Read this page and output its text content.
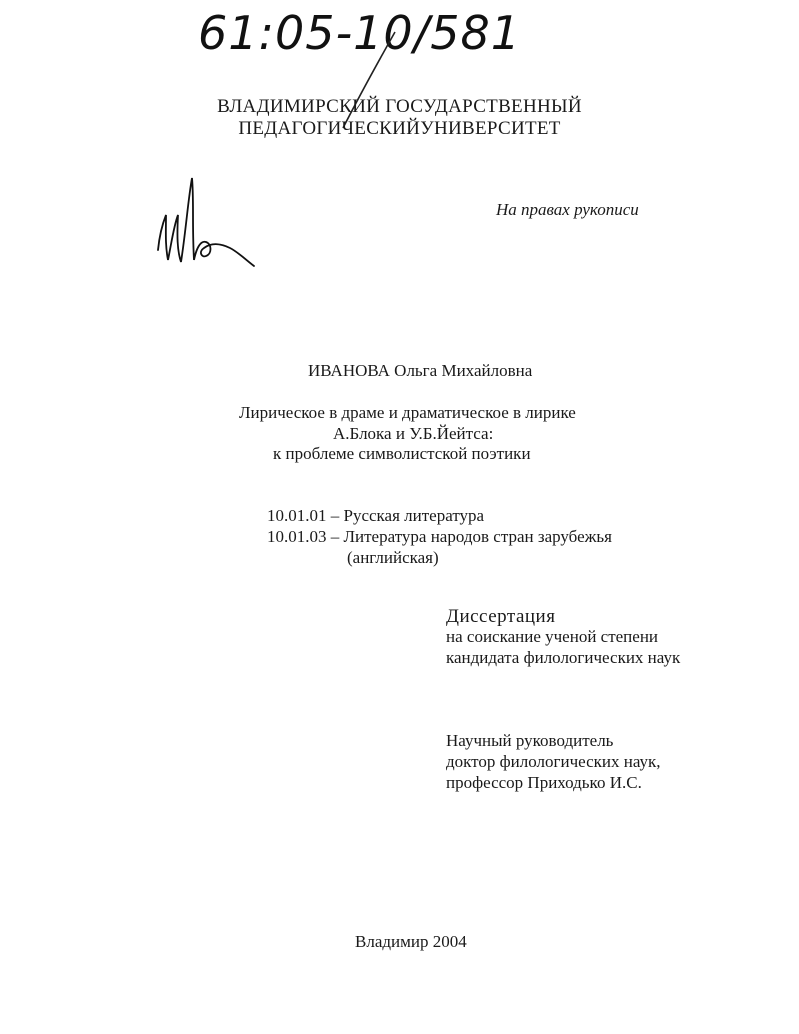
61:05-10/581
ВЛАДИМИРСКИЙ ГОСУДАРСТВЕННЫЙ
ПЕДАГОГИЧЕСКИЙУНИВЕРСИТЕТ
На правах рукописи
ИВАНОВА Ольга Михайловна
Лирическое в драме и драматическое в лирике
А.Блока и У.Б.Йейтса:
к проблеме символистской поэтики
10.01.01 – Русская литература
10.01.03 – Литература народов стран зарубежья
(английская)
Диссертация
на соискание ученой степени
кандидата филологических наук
Научный руководитель
доктор филологических наук,
профессор Приходько И.С.
Владимир 2004
